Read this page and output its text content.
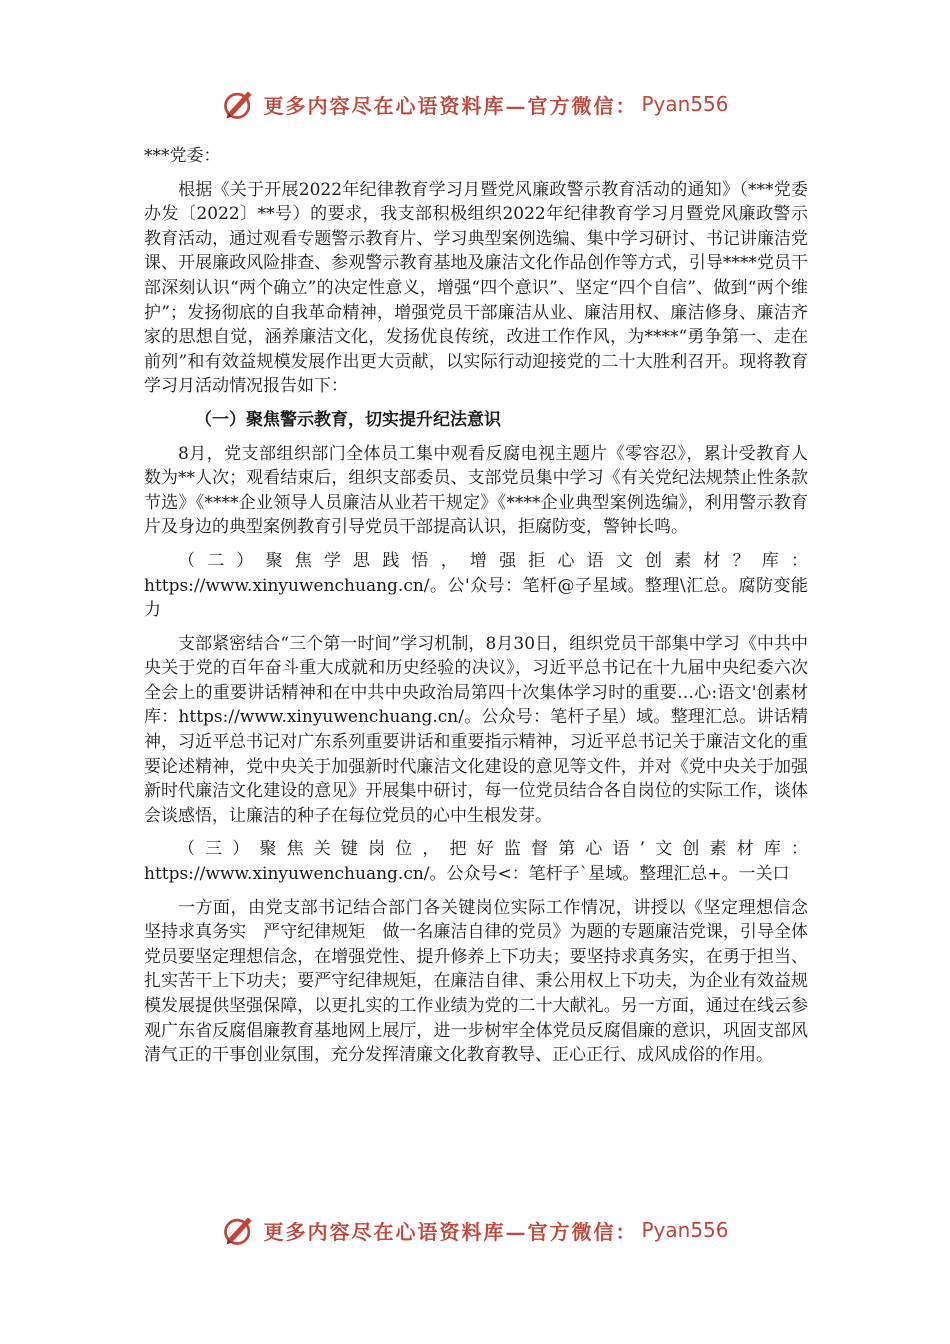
更多内容尽在心语资料库—官方微信： Pyan556

***党委：

根据《关于开展2022年纪律教育学习月暨党风廉政警示教育活动的通知》（***党委办发〔2022〕**号）的要求，我支部积极组织2022年纪律教育学习月暨党风廉政警示教育活动，通过观看专题警示教育片、学习典型案例选编、集中学习研讨、书记讲廉洁党课、开展廉政风险排查、参观警示教育基地及廉洁文化作品创作等方式，引导****党员干部深刻认识“两个确立”的决定性意义，增强“四个意识”、坚定“四个自信”、做到“两个维护”；发扬彻底的自我革命精神，增强党员干部廉洁从业、廉洁用权、廉洁修身、廉洁齐家的思想自觉，涵养廉洁文化，发扬优良传统，改进工作作风，为****“勇争第一、走在前列”和有效益规模发展作出更大贡献，以实际行动迎接党的二十大胜利召开。现将教育学习月活动情况报告如下：

（一）聚焦警示教育，切实提升纪法意识

8月，党支部组织部门全体员工集中观看反腐电视主题片《零容忍》，累计受教育人数为**人次；观看结束后，组织支部委员、支部党员集中学习《有关党纪法规禁止性条款节选》《****企业领导人员廉洁从业若干规定》《****企业典型案例选编》，利用警示教育片及身边的典型案例教育引导党员干部提高认识，拒腐防变，警钟长鸣。

（二）聚焦学思践悟，增强拒心语文创素材？库：https://www.xinyuwenchuang.cn/。公'众号：笔杆@子星域。整理\汇总。腐防变能力

支部紧密结合“三个第一时间”学习机制，8月30日，组织党员干部集中学习《中共中央关于党的百年奋斗重大成就和历史经验的决议》，习近平总书记在十九届中央纪委六次全会上的重要讲话精神和在中共中央政治局第四十次集体学习时的重要…心:语文'创素材库：https://www.xinyuwenchuang.cn/。公众号：笔杆子星）域。整理汇总。讲话精神，习近平总书记对广东系列重要讲话和重要指示精神，习近平总书记关于廉洁文化的重要论述精神，党中央关于加强新时代廉洁文化建设的意见等文件，并对《党中央关于加强新时代廉洁文化建设的意见》开展集中研讨，每一位党员结合各自岗位的实际工作，谈体会谈感悟，让廉洁的种子在每位党员的心中生根发芽。

（三）聚焦关键岗位，把好监督第心语’文创素材库：https://www.xinyuwenchuang.cn/。公众号<：笔杆子`星域。整理汇总+。一关口

一方面，由党支部书记结合部门各关键岗位实际工作情况，讲授以《坚定理想信念　坚持求真务实　严守纪律规矩　做一名廉洁自律的党员》为题的专题廉洁党课，引导全体党员要坚定理想信念，在增强党性、提升修养上下功夫；要坚持求真务实，在勇于担当、扎实苦干上下功夫；要严守纪律规矩，在廉洁自律、秉公用权上下功夫，为企业有效益规模发展提供坚强保障，以更扎实的工作业绩为党的二十大献礼。另一方面，通过在线云参观广东省反腐倡廉教育基地网上展厅，进一步树牢全体党员反腐倡廉的意识，巩固支部风清气正的干事创业氛围，充分发挥清廉文化教育教导、正心正行、成风成俗的作用。

更多内容尽在心语资料库—官方微信： Pyan556
